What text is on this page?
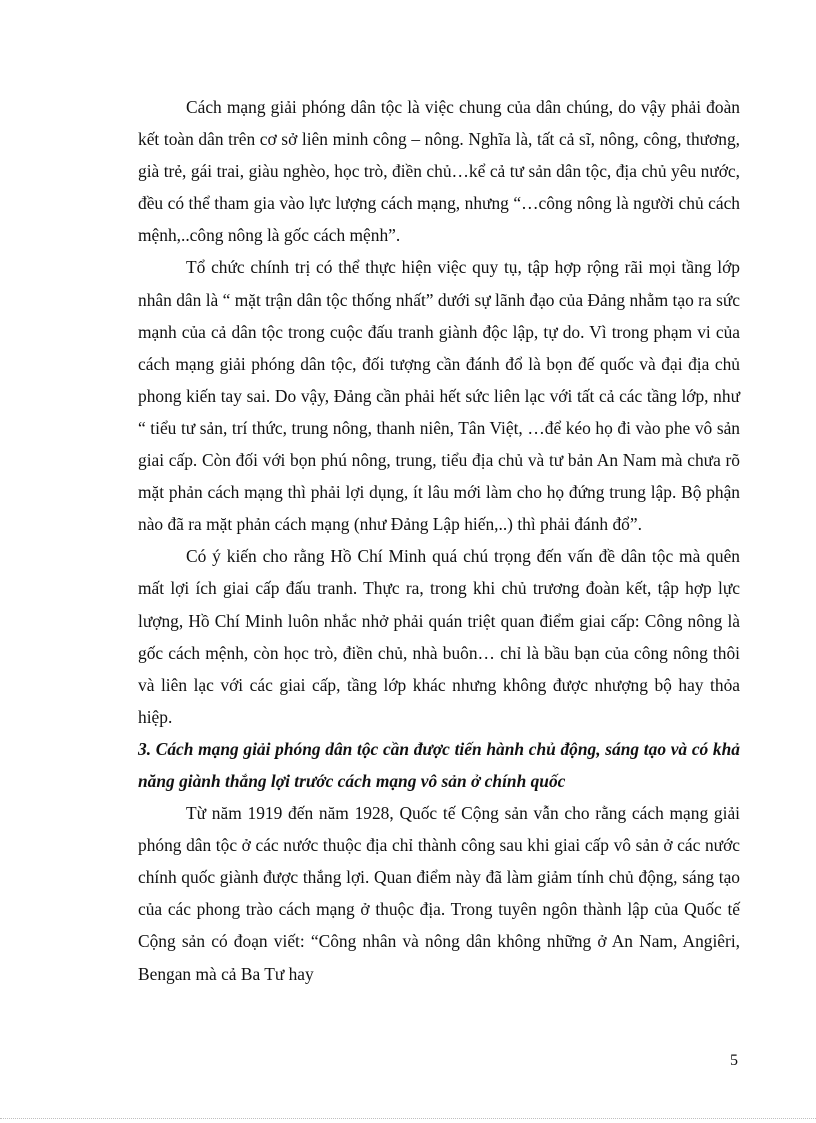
Cách mạng giải phóng dân tộc là việc chung của dân chúng, do vậy phải đoàn kết toàn dân trên cơ sở liên minh công – nông. Nghĩa là, tất cả sĩ, nông, công, thương, già trẻ, gái trai, giàu nghèo, học trò, điền chủ…kể cả tư sản dân tộc, địa chủ yêu nước, đều có thể tham gia vào lực lượng cách mạng, nhưng “…công nông là người chủ cách mệnh,..công nông là gốc cách mệnh”.

Tổ chức chính trị có thể thực hiện việc quy tụ, tập hợp rộng rãi mọi tầng lớp nhân dân là “ mặt trận dân tộc thống nhất” dưới sự lãnh đạo của Đảng nhằm tạo ra sức mạnh của cả dân tộc trong cuộc đấu tranh giành độc lập, tự do. Vì trong phạm vi của cách mạng giải phóng dân tộc, đối tượng cần đánh đổ là bọn đế quốc và đại địa chủ phong kiến tay sai. Do vậy, Đảng cần phải hết sức liên lạc với tất cả các tầng lớp, như “ tiểu tư sản, trí thức, trung nông, thanh niên, Tân Việt, …để kéo họ đi vào phe vô sản giai cấp. Còn đối với bọn phú nông, trung, tiểu địa chủ và tư bản An Nam mà chưa rõ mặt phản cách mạng thì phải lợi dụng, ít lâu mới làm cho họ đứng trung lập. Bộ phận nào đã ra mặt phản cách mạng (như Đảng Lập hiến,..) thì phải đánh đổ”.

Có ý kiến cho rằng Hồ Chí Minh quá chú trọng đến vấn đề dân tộc mà quên mất lợi ích giai cấp đấu tranh. Thực ra, trong khi chủ trương đoàn kết, tập hợp lực lượng, Hồ Chí Minh luôn nhắc nhở phải quán triệt quan điểm giai cấp: Công nông là gốc cách mệnh, còn học trò, điền chủ, nhà buôn… chỉ là bầu bạn của công nông thôi và liên lạc với các giai cấp, tầng lớp khác nhưng không được nhượng bộ hay thỏa hiệp.

3. Cách mạng giải phóng dân tộc cần được tiến hành chủ động, sáng tạo và có khả năng giành thắng lợi trước cách mạng vô sản ở chính quốc

Từ năm 1919 đến năm 1928, Quốc tế Cộng sản vẫn cho rằng cách mạng giải phóng dân tộc ở các nước thuộc địa chỉ thành công sau khi giai cấp vô sản ở các nước chính quốc giành được thắng lợi. Quan điểm này đã làm giảm tính chủ động, sáng tạo của các phong trào cách mạng ở thuộc địa. Trong tuyên ngôn thành lập của Quốc tế Cộng sản có đoạn viết: “Công nhân và nông dân không những ở An Nam, Angiêri, Bengan mà cả Ba Tư hay

5
